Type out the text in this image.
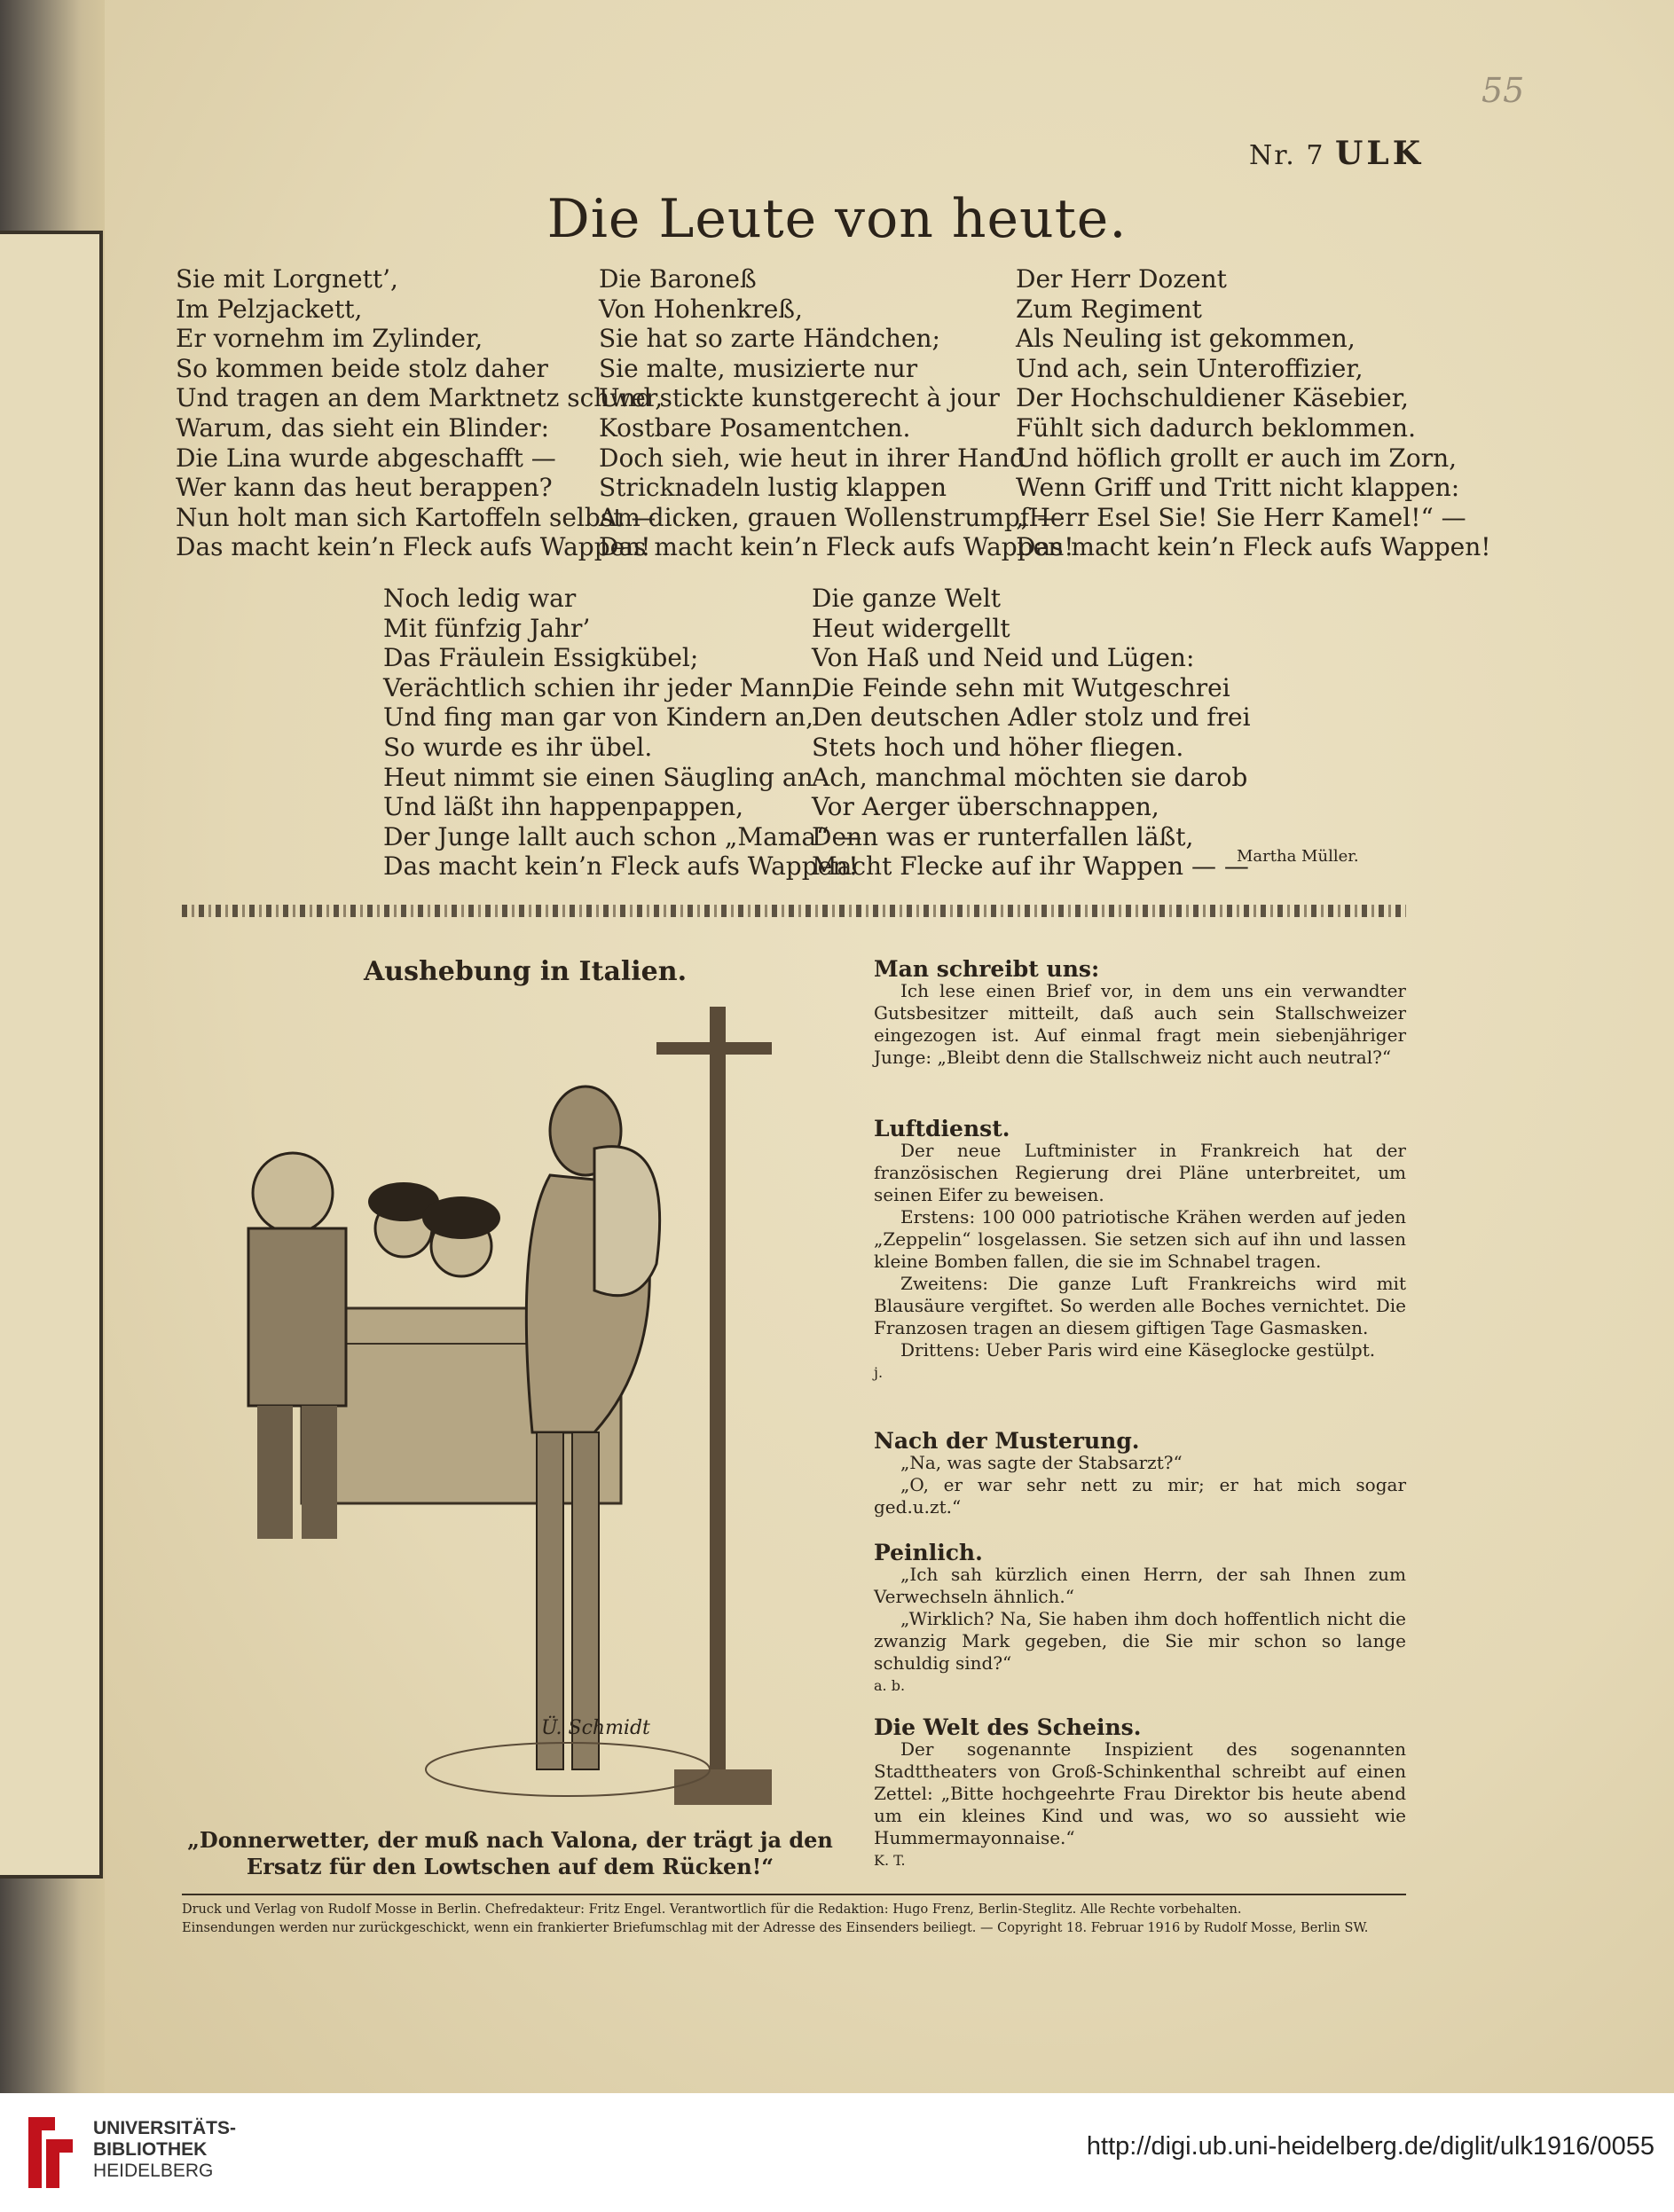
55
Nr. 7 ULK
Die Leute von heute.
Sie mit Lorgnett’,
Im Pelzjackett,
Er vornehm im Zylinder,
So kommen beide stolz daher
Und tragen an dem Marktnetz schwer,
Warum, das sieht ein Blinder:
Die Lina wurde abgeschafft —
Wer kann das heut berappen?
Nun holt man sich Kartoffeln selbst —
Das macht kein’n Fleck aufs Wappen!
Die Baroneß
Von Hohenkreß,
Sie hat so zarte Händchen;
Sie malte, musizierte nur
Und stickte kunstgerecht à jour
Kostbare Posamentchen.
Doch sieh, wie heut in ihrer Hand
Stricknadeln lustig klappen
Am dicken, grauen Wollenstrumpf —
Das macht kein’n Fleck aufs Wappen!
Der Herr Dozent
Zum Regiment
Als Neuling ist gekommen,
Und ach, sein Unteroffizier,
Der Hochschuldiener Käsebier,
Fühlt sich dadurch beklommen.
Und höflich grollt er auch im Zorn,
Wenn Griff und Tritt nicht klappen:
„Herr Esel Sie! Sie Herr Kamel!“ —
Das macht kein’n Fleck aufs Wappen!
Noch ledig war
Mit fünfzig Jahr’
Das Fräulein Essigkübel;
Verächtlich schien ihr jeder Mann,
Und fing man gar von Kindern an,
So wurde es ihr übel.
Heut nimmt sie einen Säugling an
Und läßt ihn happenpappen,
Der Junge lallt auch schon „Mama“ —
Das macht kein’n Fleck aufs Wappen!
Die ganze Welt
Heut widergellt
Von Haß und Neid und Lügen:
Die Feinde sehn mit Wutgeschrei
Den deutschen Adler stolz und frei
Stets hoch und höher fliegen.
Ach, manchmal möchten sie darob
Vor Aerger überschnappen,
Denn was er runterfallen läßt,
Macht Flecke auf ihr Wappen — —
Martha Müller.
Aushebung in Italien.
Ü. Schmidt
„Donnerwetter, der muß nach Valona, der trägt ja den Ersatz für den Lowtschen auf dem Rücken!“

Man schreibt uns:

Ich lese einen Brief vor, in dem uns ein verwandter Gutsbesitzer mitteilt, daß auch sein Stallschweizer eingezogen ist. Auf einmal fragt mein siebenjähriger Junge: „Bleibt denn die Stallschweiz nicht auch neutral?“

Luftdienst.

Der neue Luftminister in Frankreich hat der französischen Regierung drei Pläne unterbreitet, um seinen Eifer zu beweisen.

Erstens: 100 000 patriotische Krähen werden auf jeden „Zeppelin“ losgelassen. Sie setzen sich auf ihn und lassen kleine Bomben fallen, die sie im Schnabel tragen.

Zweitens: Die ganze Luft Frankreichs wird mit Blausäure vergiftet. So werden alle Boches vernichtet. Die Franzosen tragen an diesem giftigen Tage Gasmasken.

Drittens: Ueber Paris wird eine Käseglocke gestülpt.

j.

Nach der Musterung.

„Na, was sagte der Stabsarzt?“

„O, er war sehr nett zu mir; er hat mich sogar ged.u.zt.“

Peinlich.

„Ich sah kürzlich einen Herrn, der sah Ihnen zum Verwechseln ähnlich.“

„Wirklich? Na, Sie haben ihm doch hoffentlich nicht die zwanzig Mark gegeben, die Sie mir schon so lange schuldig sind?“

a. b.

Die Welt des Scheins.

Der sogenannte Inspizient des sogenannten Stadttheaters von Groß-Schinkenthal schreibt auf einen Zettel: „Bitte hochgeehrte Frau Direktor bis heute abend um ein kleines Kind und was, wo so aussieht wie Hummermayonnaise.“

K. T.

Druck und Verlag von Rudolf Mosse in Berlin. Chefredakteur: Fritz Engel. Verantwortlich für die Redaktion: Hugo Frenz, Berlin-Steglitz. Alle Rechte vorbehalten.
Einsendungen werden nur zurückgeschickt, wenn ein frankierter Briefumschlag mit der Adresse des Einsenders beiliegt. — Copyright 18. Februar 1916 by Rudolf Mosse, Berlin SW.
UNIVERSITÄTS-
BIBLIOTHEK
HEIDELBERG
http://digi.ub.uni-heidelberg.de/diglit/ulk1916/0055
